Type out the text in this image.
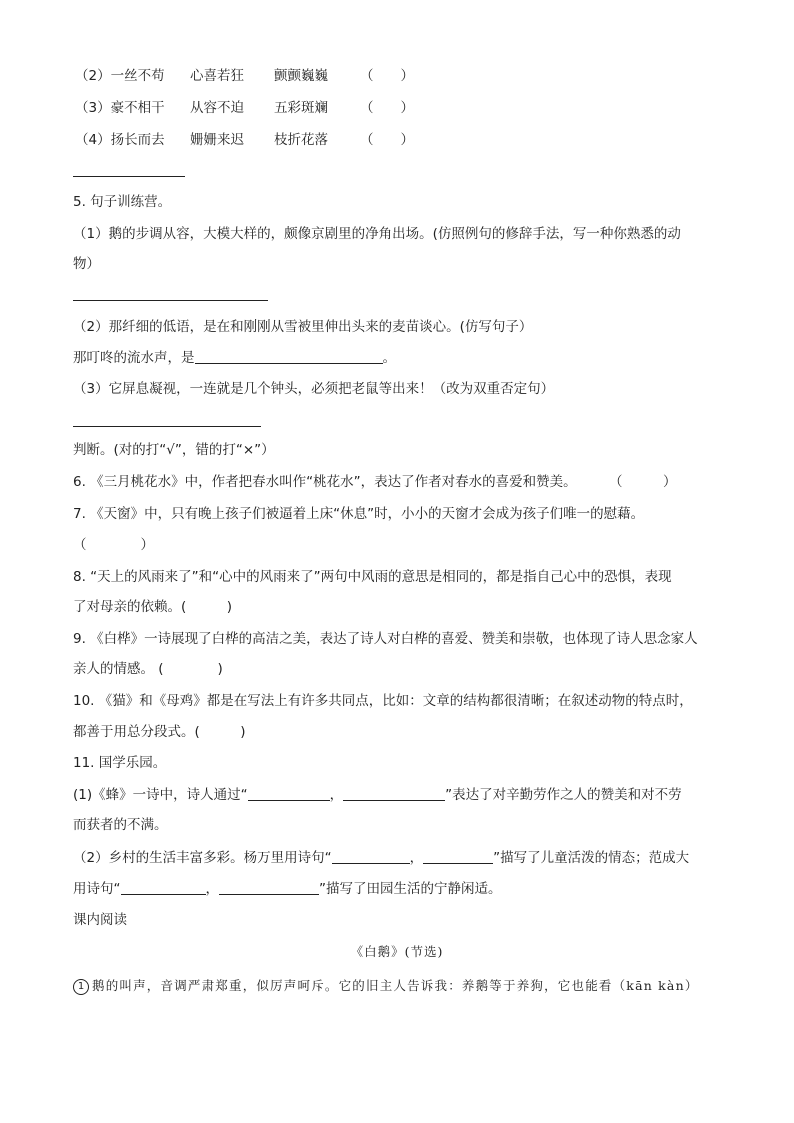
（2）一丝不苟 心喜若狂 颤颤巍巍 （　　）
（3）豪不相干 从容不迫 五彩斑斓 （　　）
（4）扬长而去 姗姗来迟 枝折花落 （　　）
5. 句子训练营。
（1）鹅的步调从容，大模大样的，颇像京剧里的净角出场。(仿照例句的修辞手法，写一种你熟悉的动
物）
（2）那纤细的低语，是在和刚刚从雪被里伸出头来的麦苗谈心。(仿写句子）
那叮咚的流水声，是	。
（3）它屏息凝视，一连就是几个钟头，必须把老鼠等出来！（改为双重否定句）
判断。(对的打“√”，错的打“×”）
6. 《三月桃花水》中，作者把春水叫作“桃花水”，表达了作者对春水的喜爱和赞美。 （　　　）
7. 《天窗》中，只有晚上孩子们被逼着上床“休息”时，小小的天窗才会成为孩子们唯一的慰藉。
（　　　　）
8. “天上的风雨来了”和“心中的风雨来了”两句中风雨的意思是相同的，都是指自己心中的恐惧，表现
了对母亲的依赖。(　　　)
9. 《白桦》一诗展现了白桦的高洁之美，表达了诗人对白桦的喜爱、赞美和崇敬，也体现了诗人思念家人
亲人的情感。 (　　　　)
10. 《猫》和《母鸡》都是在写法上有许多共同点，比如：文章的结构都很清晰；在叙述动物的特点时，
都善于用总分段式。(　　　)
11. 国学乐园。
(1)《蜂》一诗中，诗人通过“	，	”表达了对辛勤劳作之人的赞美和对不劳
而获者的不满。
（2）乡村的生活丰富多彩。杨万里用诗句“	，	”描写了儿童活泼的情态；范成大
用诗句“	，	”描写了田园生活的宁静闲适。
课内阅读
《白鹅》(节选)
1 鹅的叫声，音调严肃郑重，似厉声呵斥。它的旧主人告诉我：养鹅等于养狗，它也能看（kān kàn）
